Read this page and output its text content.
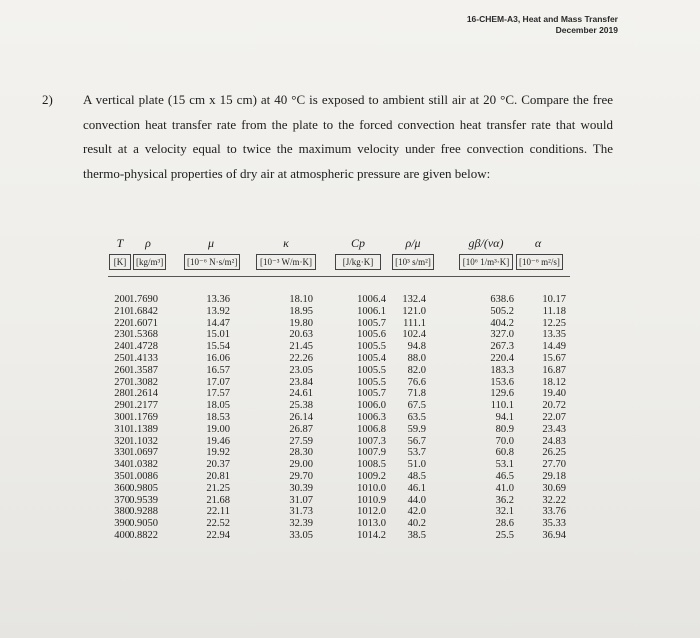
16-CHEM-A3, Heat and Mass Transfer
December 2019
2) A vertical plate (15 cm x 15 cm) at 40 °C is exposed to ambient still air at 20 °C. Compare the free convection heat transfer rate from the plate to the forced convection heat transfer rate that would result at a velocity equal to twice the maximum velocity under free convection conditions. The thermo-physical properties of dry air at atmospheric pressure are given below:
T	ρ	μ	κ	Cp	ρ/μ	gβ/(να)	α
[K]	[kg/m³]	[10⁻⁶ N·s/m²]	[10⁻³ W/m·K]	[J/kg·K]	[10³ s/m²]	[10⁶ 1/m³·K]	[10⁻⁶ m²/s]
200 1.7690	13.36	18.10	1006.4	132.4	638.6	10.17
210 1.6842	13.92	18.95	1006.1	121.0	505.2	11.18
220 1.6071	14.47	19.80	1005.7	111.1	404.2	12.25
230 1.5368	15.01	20.63	1005.6	102.4	327.0	13.35
240 1.4728	15.54	21.45	1005.5	94.8	267.3	14.49
250 1.4133	16.06	22.26	1005.4	88.0	220.4	15.67
260 1.3587	16.57	23.05	1005.5	82.0	183.3	16.87
270 1.3082	17.07	23.84	1005.5	76.6	153.6	18.12
280 1.2614	17.57	24.61	1005.7	71.8	129.6	19.40
290 1.2177	18.05	25.38	1006.0	67.5	110.1	20.72
300 1.1769	18.53	26.14	1006.3	63.5	94.1	22.07
310 1.1389	19.00	26.87	1006.8	59.9	80.9	23.43
320 1.1032	19.46	27.59	1007.3	56.7	70.0	24.83
330 1.0697	19.92	28.30	1007.9	53.7	60.8	26.25
340 1.0382	20.37	29.00	1008.5	51.0	53.1	27.70
350 1.0086	20.81	29.70	1009.2	48.5	46.5	29.18
360 0.9805	21.25	30.39	1010.0	46.1	41.0	30.69
370 0.9539	21.68	31.07	1010.9	44.0	36.2	32.22
380 0.9288	22.11	31.73	1012.0	42.0	32.1	33.76
390 0.9050	22.52	32.39	1013.0	40.2	28.6	35.33
400 0.8822	22.94	33.05	1014.2	38.5	25.5	36.94
